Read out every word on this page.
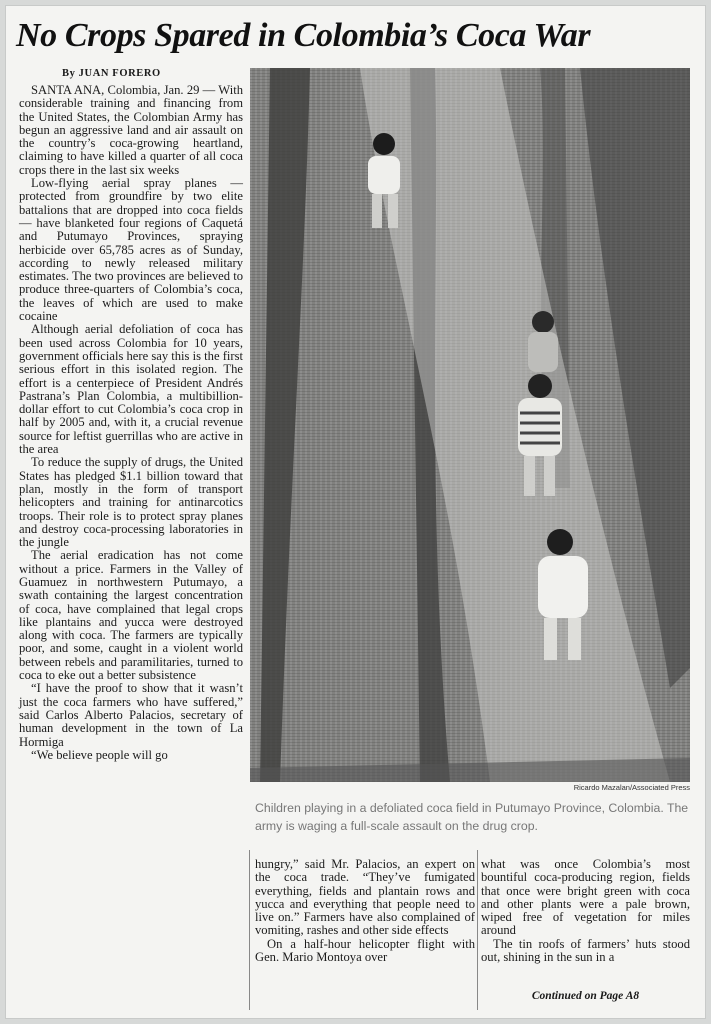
No Crops Spared in Colombia’s Coca War
By JUAN FORERO

SANTA ANA, Colombia, Jan. 29 — With considerable training and financing from the United States, the Colombian Army has begun an aggressive land and air assault on the country’s coca-growing heartland, claiming to have killed a quarter of all coca crops there in the last six weeks

Low-flying aerial spray planes — protected from groundfire by two elite battalions that are dropped into coca fields — have blanketed four regions of Caquetá and Putumayo Provinces, spraying herbicide over 65,785 acres as of Sunday, according to newly released military estimates. The two provinces are believed to produce three-quarters of Colombia’s coca, the leaves of which are used to make cocaine

Although aerial defoliation of coca has been used across Colombia for 10 years, government officials here say this is the first serious effort in this isolated region. The effort is a centerpiece of President Andrés Pastrana’s Plan Colombia, a multibillion-dollar effort to cut Colombia’s coca crop in half by 2005 and, with it, a crucial revenue source for leftist guerrillas who are active in the area

To reduce the supply of drugs, the United States has pledged $1.1 billion toward that plan, mostly in the form of transport helicopters and training for antinarcotics troops. Their role is to protect spray planes and destroy coca-processing laboratories in the jungle

The aerial eradication has not come without a price. Farmers in the Valley of Guamuez in northwestern Putumayo, a swath containing the largest concentration of coca, have complained that legal crops like plantains and yucca were destroyed along with coca. The farmers are typically poor, and some, caught in a violent world between rebels and paramilitaries, turned to coca to eke out a better subsistence

“I have the proof to show that it wasn’t just the coca farmers who have suffered,” said Carlos Alberto Palacios, secretary of human development in the town of La Hormiga

“We believe people will go

Ricardo Mazalan/Associated Press
Children playing in a defoliated coca field in Putumayo Province, Colombia. The army is waging a full-scale assault on the drug crop.

hungry,” said Mr. Palacios, an expert on the coca trade. “They’ve fumigated everything, fields and plantain rows and yucca and everything that people need to live on.” Farmers have also complained of vomiting, rashes and other side effects

On a half-hour helicopter flight with Gen. Mario Montoya over

what was once Colombia’s most bountiful coca-producing region, fields that once were bright green with coca and other plants were a pale brown, wiped free of vegetation for miles around

The tin roofs of farmers’ huts stood out, shining in the sun in a

Continued on Page A8
